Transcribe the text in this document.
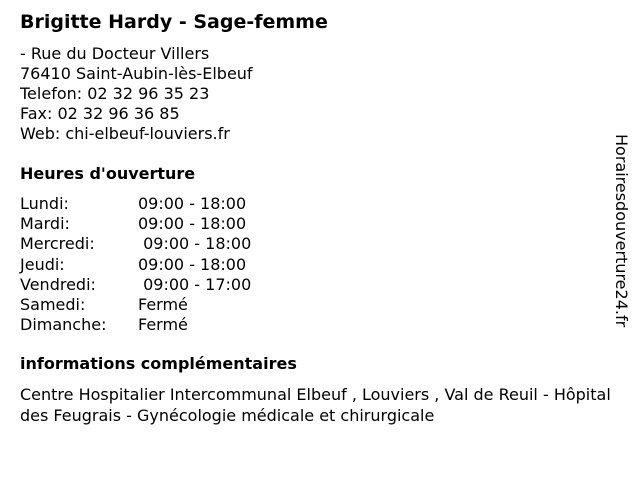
Brigitte Hardy - Sage-femme
- Rue du Docteur Villers
76410 Saint-Aubin-lès-Elbeuf
Telefon: 02 32 96 35 23
Fax: 02 32 96 36 85
Web: chi-elbeuf-louviers.fr
Heures d'ouverture
Lundi:	09:00 - 18:00
Mardi:	09:00 - 18:00
Mercredi:	09:00 - 18:00
Jeudi:	09:00 - 18:00
Vendredi:	09:00 - 17:00
Samedi:	Fermé
Dimanche: Fermé
informations complémentaires

Centre Hospitalier Intercommunal Elbeuf , Louviers , Val de Reuil - Hôpital des Feugrais - Gynécologie médicale et chirurgicale

Horairesdouverture24.fr
